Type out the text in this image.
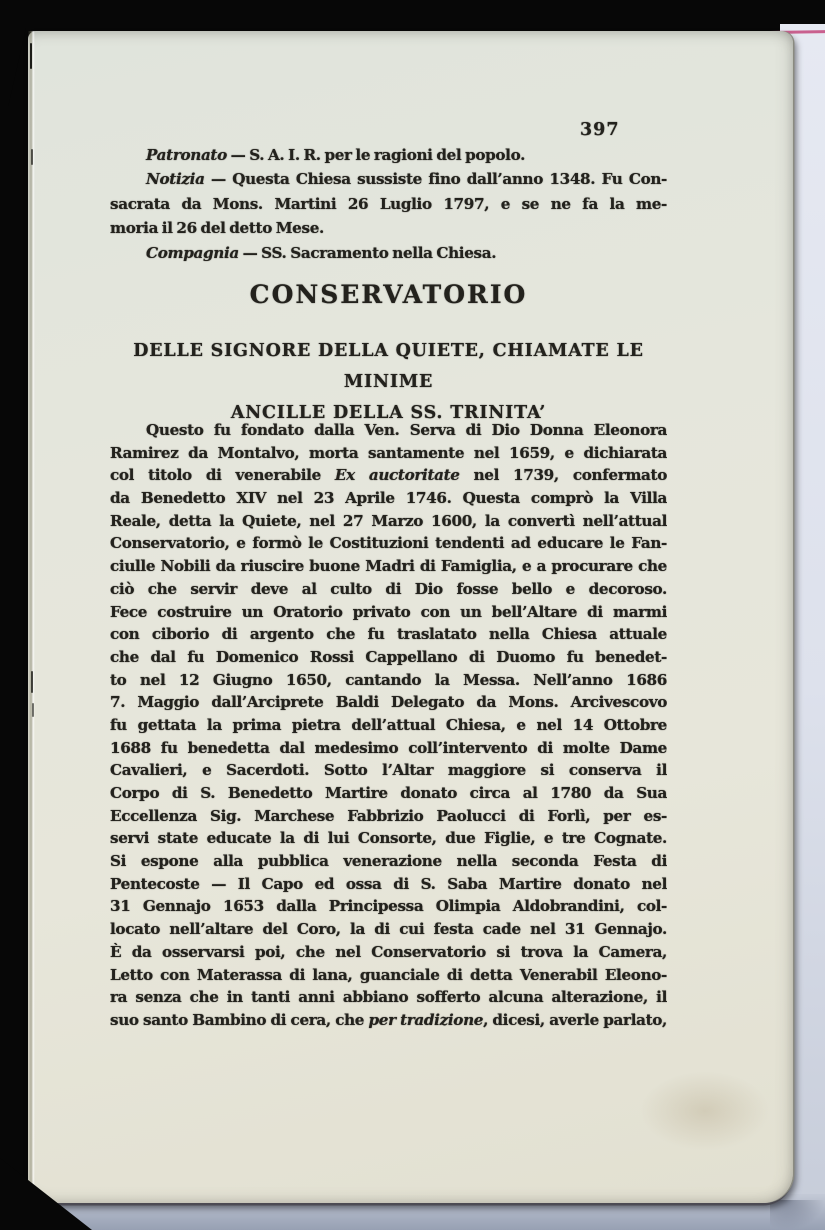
397
Patronato — S. A. I. R. per le ragioni del popolo.
Notizia — Questa Chiesa sussiste fino dall’anno 1348. Fu Con-
sacrata da Mons. Martini 26 Luglio 1797, e se ne fa la me-
moria il 26 del detto Mese.
Compagnia — SS. Sacramento nella Chiesa.
CONSERVATORIO
DELLE SIGNORE DELLA QUIETE, CHIAMATE LE MINIME
ANCILLE DELLA SS. TRINITA’
Questo fu fondato dalla Ven. Serva di Dio Donna Eleonora
Ramirez da Montalvo, morta santamente nel 1659, e dichiarata
col titolo di venerabile Ex auctoritate nel 1739, confermato
da Benedetto XIV nel 23 Aprile 1746. Questa comprò la Villa
Reale, detta la Quiete, nel 27 Marzo 1600, la convertì nell’attual
Conservatorio, e formò le Costituzioni tendenti ad educare le Fan-
ciulle Nobili da riuscire buone Madri di Famiglia, e a procurare che
ciò che servir deve al culto di Dio fosse bello e decoroso.
Fece costruire un Oratorio privato con un bell’Altare di marmi
con ciborio di argento che fu traslatato nella Chiesa attuale
che dal fu Domenico Rossi Cappellano di Duomo fu benedet-
to nel 12 Giugno 1650, cantando la Messa. Nell’anno 1686
7. Maggio dall’Arciprete Baldi Delegato da Mons. Arcivescovo
fu gettata la prima pietra dell’attual Chiesa, e nel 14 Ottobre
1688 fu benedetta dal medesimo coll’intervento di molte Dame
Cavalieri, e Sacerdoti. Sotto l’Altar maggiore si conserva il
Corpo di S. Benedetto Martire donato circa al 1780 da Sua
Eccellenza Sig. Marchese Fabbrizio Paolucci di Forlì, per es-
servi state educate la di lui Consorte, due Figlie, e tre Cognate.
Si espone alla pubblica venerazione nella seconda Festa di
Pentecoste — Il Capo ed ossa di S. Saba Martire donato nel
31 Gennajo 1653 dalla Principessa Olimpia Aldobrandini, col-
locato nell’altare del Coro, la di cui festa cade nel 31 Gennajo.
È da osservarsi poi, che nel Conservatorio si trova la Camera,
Letto con Materassa di lana, guanciale di detta Venerabil Eleono-
ra senza che in tanti anni abbiano sofferto alcuna alterazione, il
suo santo Bambino di cera, che per tradizione, dicesi, averle parlato,
